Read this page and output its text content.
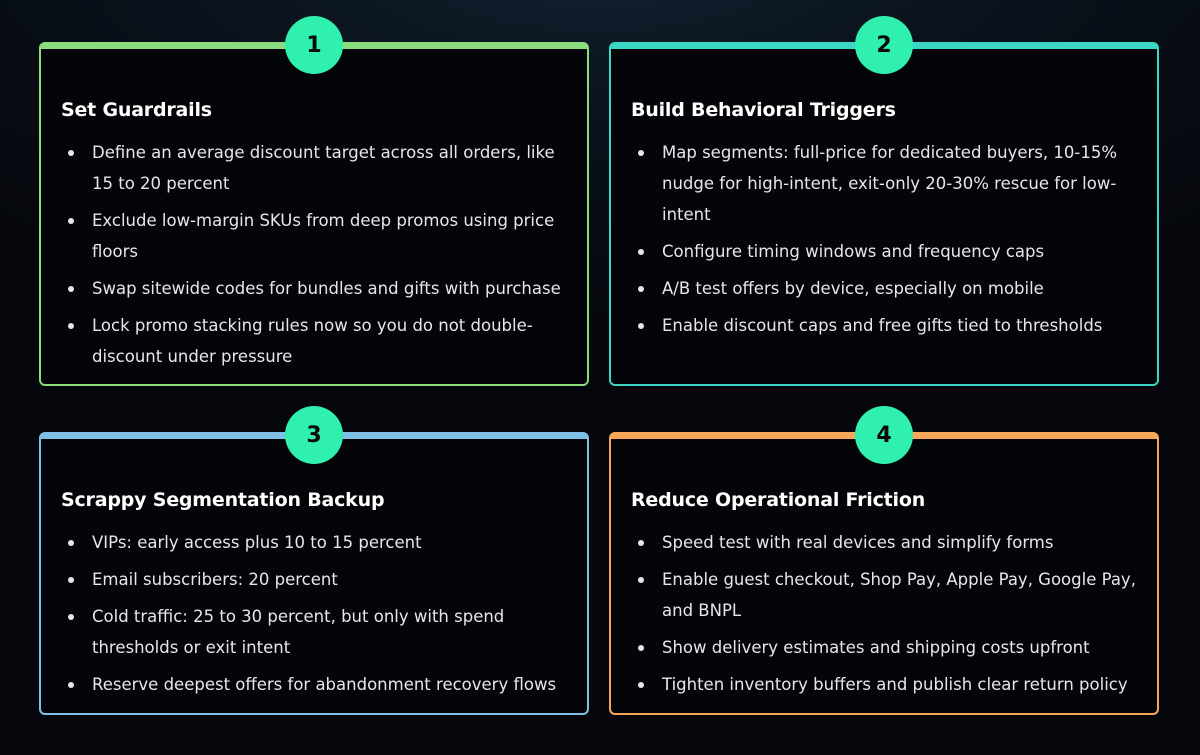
1
Set Guardrails
Define an average discount target across all orders, like 15 to 20 percent
Exclude low-margin SKUs from deep promos using price floors
Swap sitewide codes for bundles and gifts with purchase
Lock promo stacking rules now so you do not double-discount under pressure
2
Build Behavioral Triggers
Map segments: full-price for dedicated buyers, 10-15% nudge for high-intent, exit-only 20-30% rescue for low-intent
Configure timing windows and frequency caps
A/B test offers by device, especially on mobile
Enable discount caps and free gifts tied to thresholds
3
Scrappy Segmentation Backup
VIPs: early access plus 10 to 15 percent
Email subscribers: 20 percent
Cold traffic: 25 to 30 percent, but only with spend thresholds or exit intent
Reserve deepest offers for abandonment recovery flows
4
Reduce Operational Friction
Speed test with real devices and simplify forms
Enable guest checkout, Shop Pay, Apple Pay, Google Pay, and BNPL
Show delivery estimates and shipping costs upfront
Tighten inventory buffers and publish clear return policy
